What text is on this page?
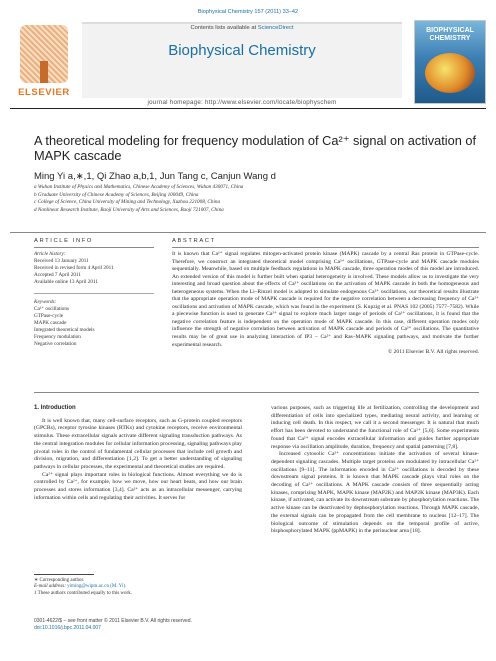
Biophysical Chemistry 157 (2011) 33–42
ELSEVIER
Contents lists available at ScienceDirect
Biophysical Chemistry
BIOPHYSICAL CHEMISTRY
journal homepage: http://www.elsevier.com/locate/biophyschem
A theoretical modeling for frequency modulation of Ca²⁺ signal on activation of MAPK cascade
Ming Yi a,∗,1, Qi Zhao a,b,1, Jun Tang c, Canjun Wang d
a Wuhan Institute of Physics and Mathematics, Chinese Academy of Sciences, Wuhan 430071, China
b Graduate University of Chinese Academy of Sciences, Beijing 100049, China
c College of Science, China University of Mining and Technology, Xuzhou 221008, China
d Nonlinear Research Institute, Baoji University of Arts and Sciences, Baoji 721007, China
ARTICLE INFO	ABSTRACT
Article history:
Received 13 January 2011
Received in revised form 4 April 2011
Accepted 7 April 2011
Available online 13 April 2011
Keywords:
Ca²⁺ oscillations
GTPase-cycle
MAPK cascade
Integrated theoretical models
Frequency modulation
Negative correlation

It is known that Ca²⁺ signal regulates mitogen-activated protein kinase (MAPK) cascade by a central Ras protein in GTPase-cycle. Therefore, we construct an integrated theoretical model comprising Ca²⁺ oscillations, GTPase-cycle and MAPK cascade modules sequentially. Meanwhile, based on multiple feedback regulations in MAPK cascade, three operation modes of this model are introduced. An extended version of this model is further built when spatial heterogeneity is involved. These models allow us to investigate the very interesting and broad question about the effects of Ca²⁺ oscillations on the activation of MAPK cascade in both the homogeneous and heterogeneous systems. When the Li–Rinzel model is adopted to simulate endogenous Ca²⁺ oscillations, our theoretical results illustrate that the appropriate operation mode of MAPK cascade is required for the negative correlation between a decreasing frequency of Ca²⁺ oscillations and activation of MAPK cascade, which was found in the experiment (S. Kupzig et al. PNAS 102 (2005) 7577–7582). While a piecewise function is used to generate Ca²⁺ signal to explore much larger range of periods of Ca²⁺ oscillations, it is found that the negative correlation feature is independent on the operation mode of MAPK cascade. In this case, different operation modes only influence the strength of negative correlation between activation of MAPK cascade and periods of Ca²⁺ oscillations. The quantitative results may be of great use in analyzing interaction of IP3 − Ca²⁺ and Ras–MAPK signaling pathways, and motivate the further experimental research.

© 2011 Elsevier B.V. All rights reserved.

1. Introduction

It is well known that, many cell-surface receptors, such as G-protein coupled receptors (GPCRs), receptor tyrosine kinases (RTKs) and cytokine receptors, receive environmental stimulus. These extracellular signals activate different signaling transduction pathways. As the central integration modules for cellular information processing, signaling pathways play pivotal roles in the control of fundamental cellular processes that include cell growth and division, migration, and differentiation [1,2]. To get a better understanding of signaling pathways in cellular processes, the experimental and theoretical studies are required.

Ca²⁺ signal plays important roles in biological functions. Almost everything we do is controlled by Ca²⁺, for example, how we move, how our heart beats, and how our brain processes and stores information [3,4]. Ca²⁺ acts as an intracellular messenger, carrying information within cells and regulating their activities. It serves for

various purposes, such as triggering life at fertilization, controlling the development and differentiation of cells into specialized types, mediating neural activity, and learning or inducing cell death. In this respect, we call it a second messenger. It is natural that much effort has been devoted to understand the functional role of Ca²⁺ [5,6]. Some experiments found that Ca²⁺ signal encodes extracellular information and guides further appropriate response via oscillation amplitude, duration, frequency and spatial patterning [7,8].

Increased cytosolic Ca²⁺ concentrations initiate the activation of several kinase-dependent signaling cascades. Multiple target proteins are modulated by intracellular Ca²⁺ oscillations [9–11]. The information encoded in Ca²⁺ oscillations is decoded by these downstream signal proteins. It is known that MAPK cascade plays vital roles on the decoding of Ca²⁺ oscillations. A MAPK cascade consists of three sequentially acting kinases, comprising MAPK, MAPK kinase (MAP2K) and MAP2K kinase (MAP3K). Each kinase, if activated, can activate its downstream substrate by phosphorylation reactions. The active kinase can be deactivated by dephosphorylation reactions. Through MAPK cascade, the external signals can be propagated from the cell membrane to nucleus [12–17]. The biological outcome of stimulation depends on the temporal profile of active, bisphosphorylated MAPK (ppMAPK) in the perinuclear area [18].

∗ Corresponding author.
E-mail address: yiming@wipm.ac.cn (M. Yi).
1 These authors contributed equally to this work.
0301-4622/$ – see front matter © 2011 Elsevier B.V. All rights reserved.
doi:10.1016/j.bpc.2011.04.007
